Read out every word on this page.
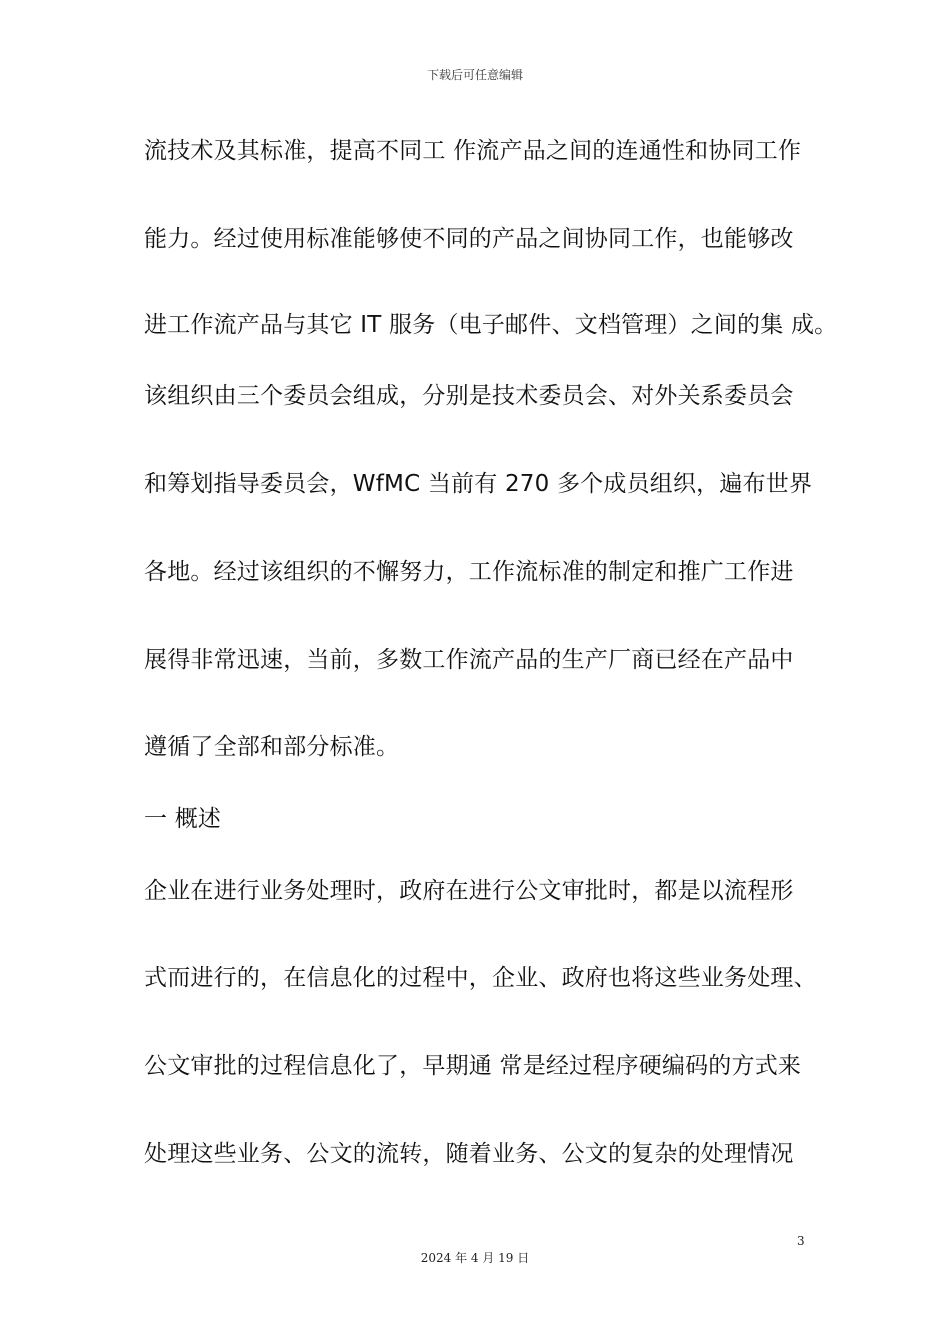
下载后可任意编辑
流技术及其标准，提高不同工 作流产品之间的连通性和协同工作
能力。经过使用标准能够使不同的产品之间协同工作，也能够改
进工作流产品与其它 IT 服务（电子邮件、文档管理）之间的集 成。
该组织由三个委员会组成，分别是技术委员会、对外关系委员会
和筹划指导委员会，WfMC 当前有 270 多个成员组织，遍布世界
各地。经过该组织的不懈努力，工作流标准的制定和推广工作进
展得非常迅速，当前，多数工作流产品的生产厂商已经在产品中
遵循了全部和部分标准。
一 概述
企业在进行业务处理时，政府在进行公文审批时，都是以流程形
式而进行的，在信息化的过程中，企业、政府也将这些业务处理、
公文审批的过程信息化了，早期通 常是经过程序硬编码的方式来
处理这些业务、公文的流转，随着业务、公文的复杂的处理情况
3
2024 年 4 月 19 日
